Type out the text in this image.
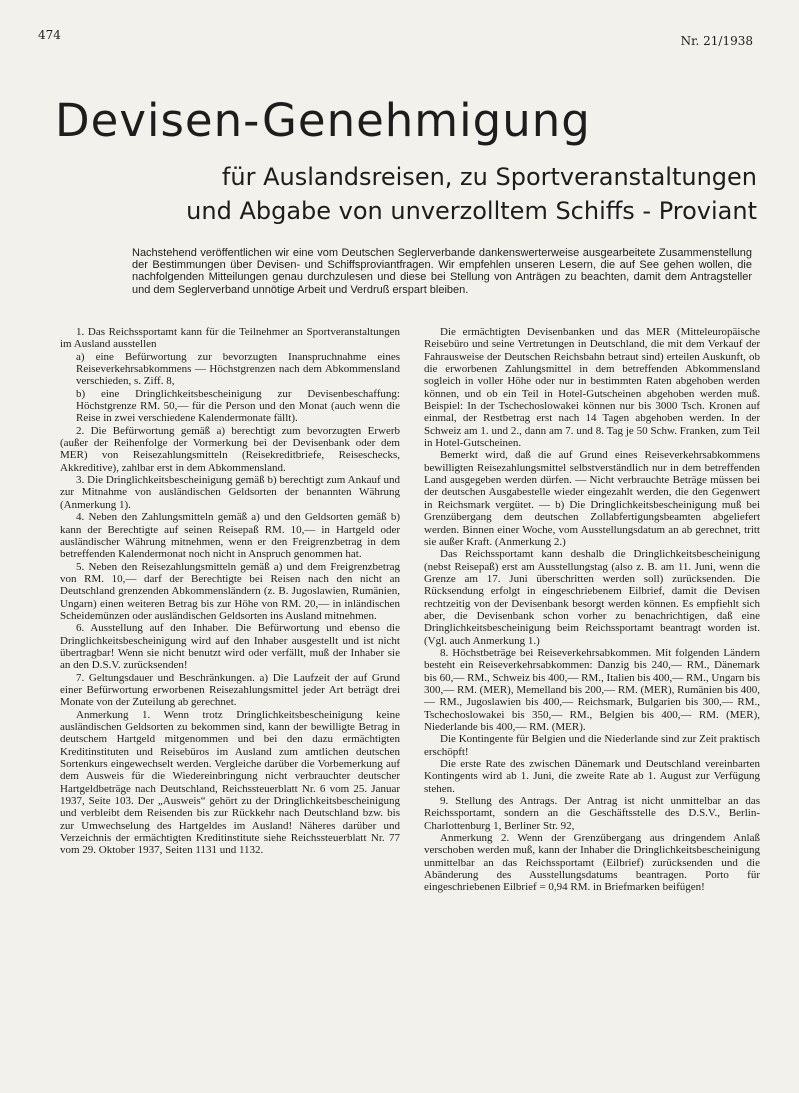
474	Nr. 21/1938
Devisen-Genehmigung
für Auslandsreisen, zu Sportveranstaltungen
und Abgabe von unverzolltem Schiffs - Proviant
Nachstehend veröffentlichen wir eine vom Deutschen Seglerverbande dankenswerterweise ausgearbeitete Zusammenstellung der Bestimmungen über Devisen- und Schiffsproviantfragen. Wir empfehlen unseren Lesern, die auf See gehen wollen, die nachfolgenden Mitteilungen genau durchzulesen und diese bei Stellung von Anträgen zu beachten, damit dem Antragsteller und dem Seglerverband unnötige Arbeit und Verdruß erspart bleiben.

1. Das Reichssportamt kann für die Teilnehmer an Sportveranstaltungen im Ausland ausstellen

a) eine Befürwortung zur bevorzugten Inanspruchnahme eines Reiseverkehrsabkommens — Höchstgrenzen nach dem Abkommensland verschieden, s. Ziff. 8,

b) eine Dringlichkeitsbescheinigung zur Devisenbeschaffung: Höchstgrenze RM. 50,— für die Person und den Monat (auch wenn die Reise in zwei verschiedene Kalendermonate fällt).

2. Die Befürwortung gemäß a) berechtigt zum bevorzugten Erwerb (außer der Reihenfolge der Vormerkung bei der Devisenbank oder dem MER) von Reisezahlungsmitteln (Reisekreditbriefe, Reiseschecks, Akkreditive), zahlbar erst in dem Abkommensland.

3. Die Dringlichkeitsbescheinigung gemäß b) berechtigt zum Ankauf und zur Mitnahme von ausländischen Geldsorten der benannten Währung (Anmerkung 1).

4. Neben den Zahlungsmitteln gemäß a) und den Geldsorten gemäß b) kann der Berechtigte auf seinen Reisepaß RM. 10,— in Hartgeld oder ausländischer Währung mitnehmen, wenn er den Freigrenzbetrag in dem betreffenden Kalendermonat noch nicht in Anspruch genommen hat.

5. Neben den Reisezahlungsmitteln gemäß a) und dem Freigrenzbetrag von RM. 10,— darf der Berechtigte bei Reisen nach den nicht an Deutschland grenzenden Abkommensländern (z. B. Jugoslawien, Rumänien, Ungarn) einen weiteren Betrag bis zur Höhe von RM. 20,— in inländischen Scheidemünzen oder ausländischen Geldsorten ins Ausland mitnehmen.

6. Ausstellung auf den Inhaber. Die Befürwortung und ebenso die Dringlichkeitsbescheinigung wird auf den Inhaber ausgestellt und ist nicht übertragbar! Wenn sie nicht benutzt wird oder verfällt, muß der Inhaber sie an den D.S.V. zurücksenden!

7. Geltungsdauer und Beschränkungen. a) Die Laufzeit der auf Grund einer Befürwortung erworbenen Reisezahlungsmittel jeder Art beträgt drei Monate von der Zuteilung ab gerechnet.

Anmerkung 1. Wenn trotz Dringlichkeitsbescheinigung keine ausländischen Geldsorten zu bekommen sind, kann der bewilligte Betrag in deutschem Hartgeld mitgenommen und bei den dazu ermächtigten Kreditinstituten und Reisebüros im Ausland zum amtlichen deutschen Sortenkurs eingewechselt werden. Vergleiche darüber die Vorbemerkung auf dem Ausweis für die Wiedereinbringung nicht verbrauchter deutscher Hartgeldbeträge nach Deutschland, Reichssteuerblatt Nr. 6 vom 25. Januar 1937, Seite 103. Der „Ausweis“ gehört zu der Dringlichkeitsbescheinigung und verbleibt dem Reisenden bis zur Rückkehr nach Deutschland bzw. bis zur Umwechselung des Hartgeldes im Ausland! Näheres darüber und Verzeichnis der ermächtigten Kreditinstitute siehe Reichssteuerblatt Nr. 77 vom 29. Oktober 1937, Seiten 1131 und 1132.

Die ermächtigten Devisenbanken und das MER (Mitteleuropäische Reisebüro und seine Vertretungen in Deutschland, die mit dem Verkauf der Fahrausweise der Deutschen Reichsbahn betraut sind) erteilen Auskunft, ob die erworbenen Zahlungsmittel in dem betreffenden Abkommensland sogleich in voller Höhe oder nur in bestimmten Raten abgehoben werden können, und ob ein Teil in Hotel-Gutscheinen abgehoben werden muß. Beispiel: In der Tschechoslowakei können nur bis 3000 Tsch. Kronen auf einmal, der Restbetrag erst nach 14 Tagen abgehoben werden. In der Schweiz am 1. und 2., dann am 7. und 8. Tag je 50 Schw. Franken, zum Teil in Hotel-Gutscheinen.

Bemerkt wird, daß die auf Grund eines Reiseverkehrsabkommens bewilligten Reisezahlungsmittel selbstverständlich nur in dem betreffenden Land ausgegeben werden dürfen. — Nicht verbrauchte Beträge müssen bei der deutschen Ausgabestelle wieder eingezahlt werden, die den Gegenwert in Reichsmark vergütet. — b) Die Dringlichkeitsbescheinigung muß bei Grenzübergang dem deutschen Zollabfertigungsbeamten abgeliefert werden. Binnen einer Woche, vom Ausstellungsdatum an ab gerechnet, tritt sie außer Kraft. (Anmerkung 2.)

Das Reichssportamt kann deshalb die Dringlichkeitsbescheinigung (nebst Reisepaß) erst am Ausstellungstag (also z. B. am 11. Juni, wenn die Grenze am 17. Juni überschritten werden soll) zurücksenden. Die Rücksendung erfolgt in eingeschriebenem Eilbrief, damit die Devisen rechtzeitig von der Devisenbank besorgt werden können. Es empfiehlt sich aber, die Devisenbank schon vorher zu benachrichtigen, daß eine Dringlichkeitsbescheinigung beim Reichssportamt beantragt worden ist. (Vgl. auch Anmerkung 1.)

8. Höchstbeträge bei Reiseverkehrsabkommen. Mit folgenden Ländern besteht ein Reiseverkehrsabkommen: Danzig bis 240,— RM., Dänemark bis 60,— RM., Schweiz bis 400,— RM., Italien bis 400,— RM., Ungarn bis 300,— RM. (MER), Memelland bis 200,— RM. (MER), Rumänien bis 400,— RM., Jugoslawien bis 400,— Reichsmark, Bulgarien bis 300,— RM., Tschechoslowakei bis 350,— RM., Belgien bis 400,— RM. (MER), Niederlande bis 400,— RM. (MER).

Die Kontingente für Belgien und die Niederlande sind zur Zeit praktisch erschöpft!

Die erste Rate des zwischen Dänemark und Deutschland vereinbarten Kontingents wird ab 1. Juni, die zweite Rate ab 1. August zur Verfügung stehen.

9. Stellung des Antrags. Der Antrag ist nicht unmittelbar an das Reichssportamt, sondern an die Geschäftsstelle des D.S.V., Berlin-Charlottenburg 1, Berliner Str. 92,

Anmerkung 2. Wenn der Grenzübergang aus dringendem Anlaß verschoben werden muß, kann der Inhaber die Dringlichkeitsbescheinigung unmittelbar an das Reichssportamt (Eilbrief) zurücksenden und die Abänderung des Ausstellungsdatums beantragen. Porto für eingeschriebenen Eilbrief = 0,94 RM. in Briefmarken beifügen!
